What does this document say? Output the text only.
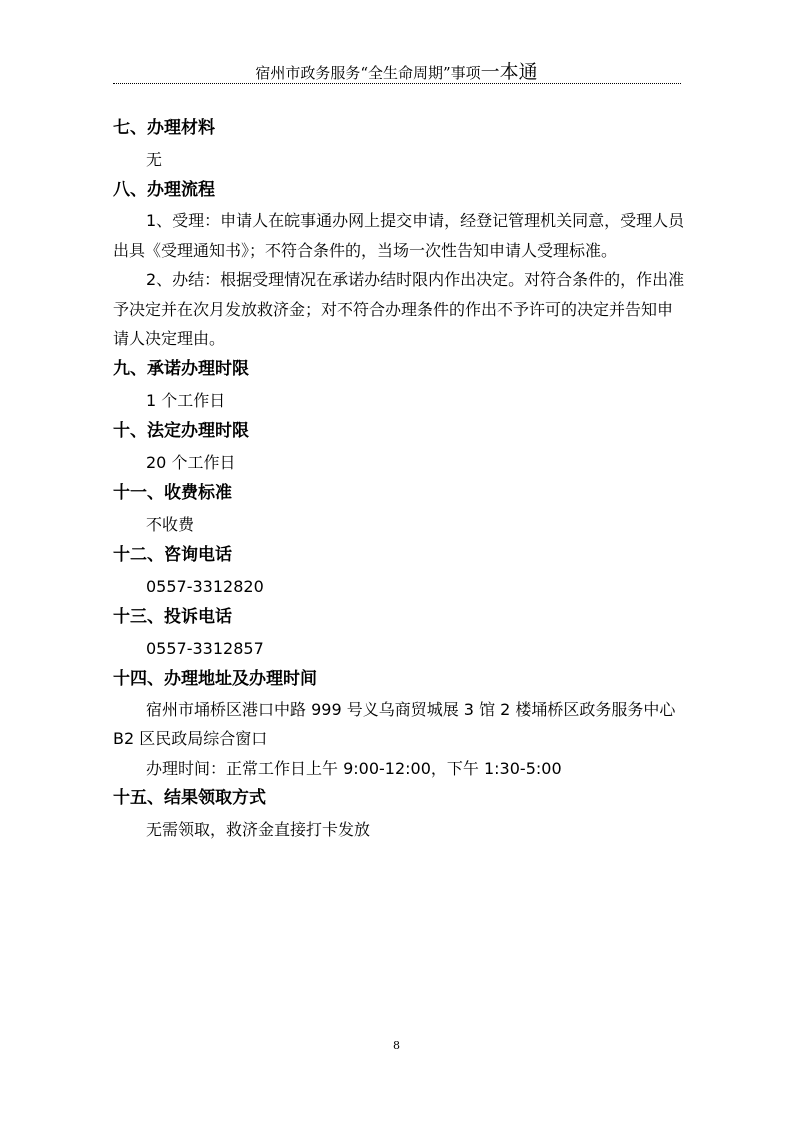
宿州市政务服务“全生命周期”事项一本通
七、办理材料

无

八、办理流程

1、受理：申请人在皖事通办网上提交申请，经登记管理机关同意，受理人员出具《受理通知书》；不符合条件的，当场一次性告知申请人受理标准。

2、办结：根据受理情况在承诺办结时限内作出决定。对符合条件的，作出准予决定并在次月发放救济金；对不符合办理条件的作出不予许可的决定并告知申请人决定理由。

九、承诺办理时限

1 个工作日

十、法定办理时限

20 个工作日

十一、收费标准

不收费

十二、咨询电话

0557-3312820

十三、投诉电话

0557-3312857

十四、办理地址及办理时间

宿州市埇桥区港口中路 999 号义乌商贸城展 3 馆 2 楼埇桥区政务服务中心 B2 区民政局综合窗口

办理时间：正常工作日上午 9:00-12:00，下午 1:30-5:00

十五、结果领取方式

无需领取，救济金直接打卡发放

8
